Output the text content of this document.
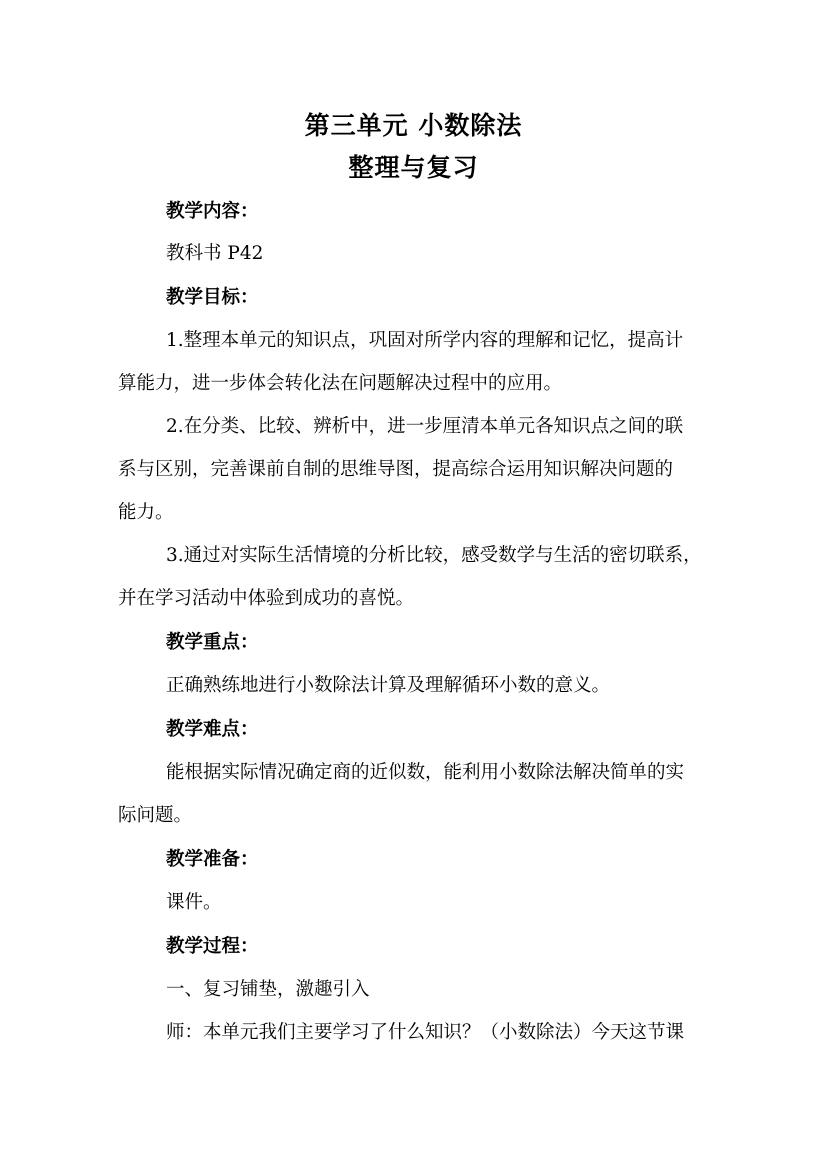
第三单元 小数除法
整理与复习
教学内容：
教科书 P42
教学目标：
1.整理本单元的知识点，巩固对所学内容的理解和记忆，提高计
算能力，进一步体会转化法在问题解决过程中的应用。
2.在分类、比较、辨析中，进一步厘清本单元各知识点之间的联
系与区别，完善课前自制的思维导图，提高综合运用知识解决问题的
能力。
3.通过对实际生活情境的分析比较，感受数学与生活的密切联系，
并在学习活动中体验到成功的喜悦。
教学重点：
正确熟练地进行小数除法计算及理解循环小数的意义。
教学难点：
能根据实际情况确定商的近似数，能利用小数除法解决简单的实
际问题。
教学准备：
课件。
教学过程：
一、复习铺垫，激趣引入
师：本单元我们主要学习了什么知识？（小数除法）今天这节课
